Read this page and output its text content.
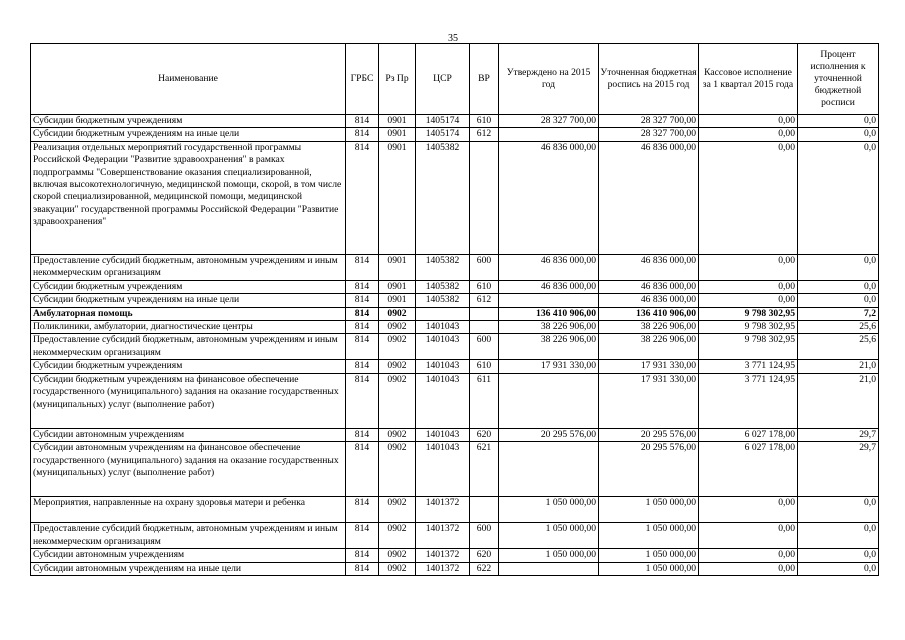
35
Наименование	ГРБС	Рз Пр	ЦСР	ВР	Утверждено на 2015 год	Уточненная бюджетная роспись на 2015 год	Кассовое исполнение за 1 квартал 2015 года	Процент исполнения к уточненной бюджетной росписи
Субсидии бюджетным учреждениям	814	0901	1405174	610	28 327 700,00	28 327 700,00	0,00	0,0
Субсидии бюджетным учреждениям на иные цели	814	0901	1405174	612		28 327 700,00	0,00	0,0
Реализация отдельных мероприятий государственной программы Российской Федерации "Развитие здравоохранения" в рамках подпрограммы "Совершенствование оказания специализированной, включая высокотехнологичную, медицинской помощи, скорой, в том числе скорой специализированной, медицинской помощи, медицинской эвакуации" государственной программы Российской Федерации "Развитие здравоохранения"	814	0901	1405382		46 836 000,00	46 836 000,00	0,00	0,0
Предоставление субсидий бюджетным, автономным учреждениям и иным некоммерческим организациям	814	0901	1405382	600	46 836 000,00	46 836 000,00	0,00	0,0
Субсидии бюджетным учреждениям	814	0901	1405382	610	46 836 000,00	46 836 000,00	0,00	0,0
Субсидии бюджетным учреждениям на иные цели	814	0901	1405382	612		46 836 000,00	0,00	0,0
Амбулаторная помощь	814	0902			136 410 906,00	136 410 906,00	9 798 302,95	7,2
Поликлиники, амбулатории, диагностические центры	814	0902	1401043		38 226 906,00	38 226 906,00	9 798 302,95	25,6
Предоставление субсидий бюджетным, автономным учреждениям и иным некоммерческим организациям	814	0902	1401043	600	38 226 906,00	38 226 906,00	9 798 302,95	25,6
Субсидии бюджетным учреждениям	814	0902	1401043	610	17 931 330,00	17 931 330,00	3 771 124,95	21,0
Субсидии бюджетным учреждениям на финансовое обеспечение государственного (муниципального) задания на оказание государственных (муниципальных) услуг (выполнение работ)	814	0902	1401043	611		17 931 330,00	3 771 124,95	21,0
Субсидии автономным учреждениям	814	0902	1401043	620	20 295 576,00	20 295 576,00	6 027 178,00	29,7
Субсидии автономным учреждениям на финансовое обеспечение государственного (муниципального) задания на оказание государственных (муниципальных) услуг (выполнение работ)	814	0902	1401043	621		20 295 576,00	6 027 178,00	29,7
Мероприятия, направленные на охрану здоровья матери и ребенка	814	0902	1401372		1 050 000,00	1 050 000,00	0,00	0,0
Предоставление субсидий бюджетным, автономным учреждениям и иным некоммерческим организациям	814	0902	1401372	600	1 050 000,00	1 050 000,00	0,00	0,0
Субсидии автономным учреждениям	814	0902	1401372	620	1 050 000,00	1 050 000,00	0,00	0,0
Субсидии автономным учреждениям на иные цели	814	0902	1401372	622		1 050 000,00	0,00	0,0
